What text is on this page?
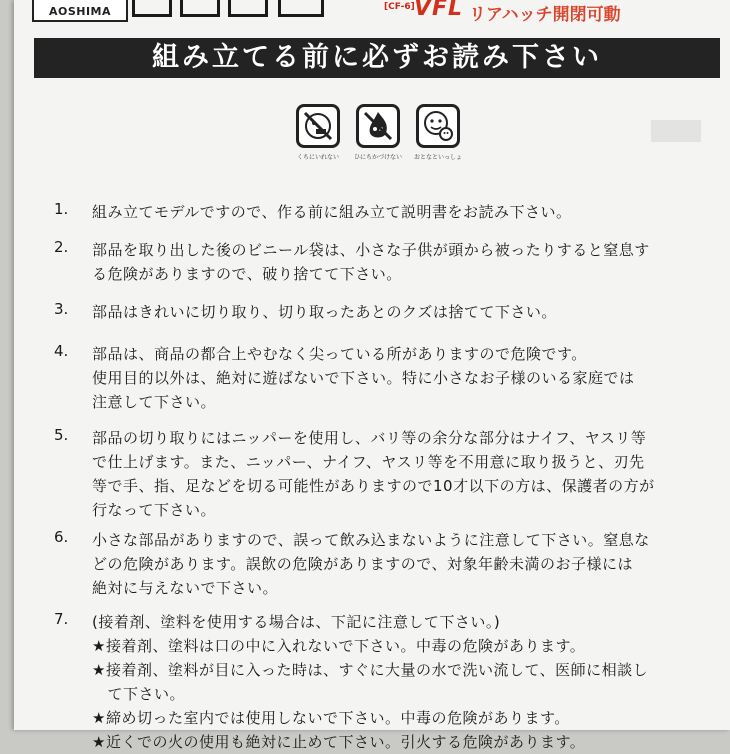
AOSHIMA	[CF-6] VFL リアハッチ開閉可動
組み立てる前に必ずお読み下さい
くちにいれない	ひにちかづけない	おとなといっしょ
1. 組み立てモデルですので、作る前に組み立て説明書をお読み下さい。
2. 部品を取り出した後のビニール袋は、小さな子供が頭から被ったりすると窒息す
る危険がありますので、破り捨てて下さい。
3. 部品はきれいに切り取り、切り取ったあとのクズは捨てて下さい。
4. 部品は、商品の都合上やむなく尖っている所がありますので危険です。
使用目的以外は、絶対に遊ばないで下さい。特に小さなお子様のいる家庭では
注意して下さい。
5. 部品の切り取りにはニッパーを使用し、バリ等の余分な部分はナイフ、ヤスリ等
で仕上げます。また、ニッパー、ナイフ、ヤスリ等を不用意に取り扱うと、刃先
等で手、指、足などを切る可能性がありますので10才以下の方は、保護者の方が
行なって下さい。
6. 小さな部品がありますので、誤って飲み込まないように注意して下さい。窒息な
どの危険があります。誤飲の危険がありますので、対象年齢未満のお子様には
絶対に与えないで下さい。
7. (接着剤、塗料を使用する場合は、下記に注意して下さい。)
★接着剤、塗料は口の中に入れないで下さい。中毒の危険があります。
★接着剤、塗料が目に入った時は、すぐに大量の水で洗い流して、医師に相談し
　て下さい。
★締め切った室内では使用しないで下さい。中毒の危険があります。
★近くでの火の使用も絶対に止めて下さい。引火する危険があります。
